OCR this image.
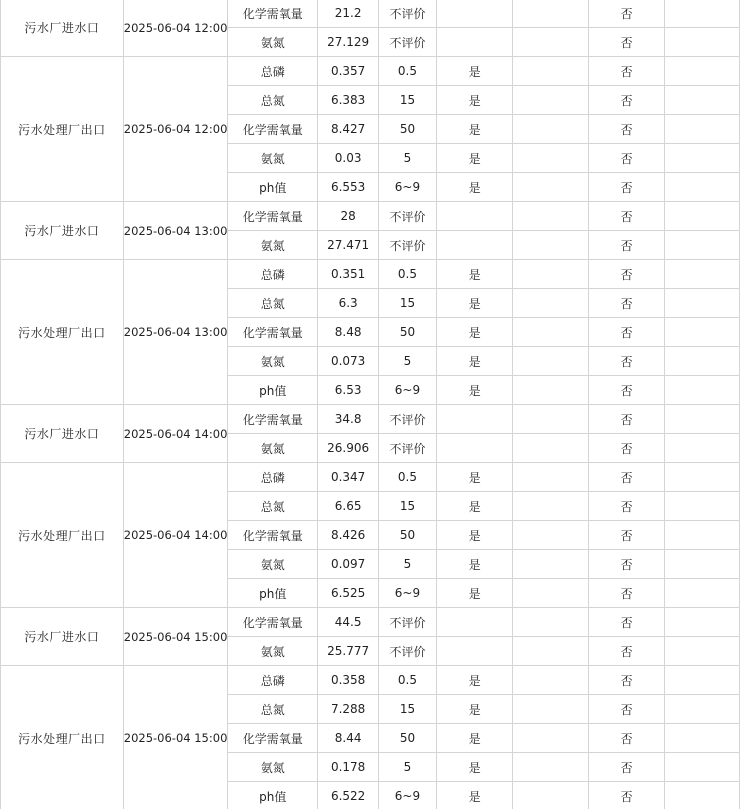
污水厂进水口	2025-06-04 12:00	化学需氧量	21.2	不评价			否	
		氨氮	27.129	不评价			否	
污水处理厂出口	2025-06-04 12:00	总磷	0.357	0.5	是		否	
		总氮	6.383	15	是		否	
		化学需氧量	8.427	50	是		否	
		氨氮	0.03	5	是		否	
		ph值	6.553	6~9	是		否	
污水厂进水口	2025-06-04 13:00	化学需氧量	28	不评价			否	
		氨氮	27.471	不评价			否	
污水处理厂出口	2025-06-04 13:00	总磷	0.351	0.5	是		否	
		总氮	6.3	15	是		否	
		化学需氧量	8.48	50	是		否	
		氨氮	0.073	5	是		否	
		ph值	6.53	6~9	是		否	
污水厂进水口	2025-06-04 14:00	化学需氧量	34.8	不评价			否	
		氨氮	26.906	不评价			否	
污水处理厂出口	2025-06-04 14:00	总磷	0.347	0.5	是		否	
		总氮	6.65	15	是		否	
		化学需氧量	8.426	50	是		否	
		氨氮	0.097	5	是		否	
		ph值	6.525	6~9	是		否	
污水厂进水口	2025-06-04 15:00	化学需氧量	44.5	不评价			否	
		氨氮	25.777	不评价			否	
污水处理厂出口	2025-06-04 15:00	总磷	0.358	0.5	是		否	
		总氮	7.288	15	是		否	
		化学需氧量	8.44	50	是		否	
		氨氮	0.178	5	是		否	
		ph值	6.522	6~9	是		否	
